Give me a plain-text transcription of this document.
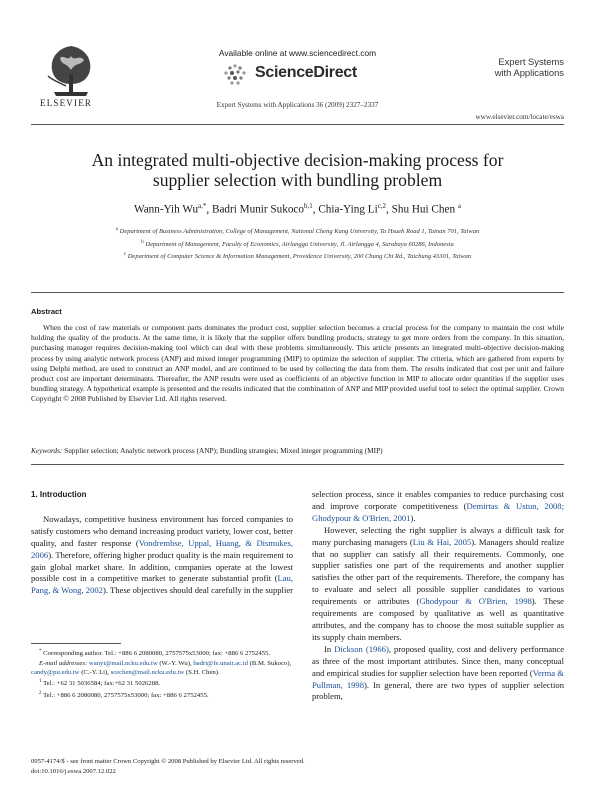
Available online at www.sciencedirect.com
ScienceDirect
ELSEVIER	Expert Systems with Applications 36 (2009) 2327–2337
Expert Systems
with Applications
www.elsevier.com/locate/eswa
An integrated multi-objective decision-making process for
supplier selection with bundling problem
Wann-Yih $Wu^{a,*}$, Badri Munir Sukoco$^{b,1}$, Chia-Ying Li$^{c,2}$, Shu Hui Chen $^a$
$^a$ Department of Business Administration, College of Management, National Cheng Kung University, Ta Hsueh Road 1, Tainan 701, Taiwan
$^b$ Department of Management, Faculty of Economics, Airlangga University, Jl. Airlangga 4, Surabaya 60286, Indonesia
$^c$ Department of Computer Science & Information Management, Providence University, 200 Chung Chi Rd., Taichung 43301, Taiwan
Abstract
When the cost of raw materials or component parts dominates the product cost, supplier selection becomes a crucial process for the company to maintain the cost while holding the quality of the products. At the same time, it is likely that the supplier offers bundling products, strategy to get more orders from the company. In this situation, purchasing manager requires decision-making tool which can deal with these problems simultaneously. This article presents an integrated multi-objective decision-making process by using analytic network process (ANP) and mixed integer programming (MIP) to optimize the selection of supplier. The criteria, which are gathered from experts by using Delphi method, are used to construct an ANP model, and are continued to be used by collecting the data from them. The results indicated that cost per unit and failure product cost are important determinants. Thereafter, the ANP results were used as coefficients of an objective function in MIP to allocate order quantities if the supplier uses bundling strategy. A hypothetical example is presented and the results indicated that the combination of ANP and MIP provided useful tool to select the optimal supplier. Crown Copyright © 2008 Published by Elsevier Ltd. All rights reserved.
Keywords: Supplier selection; Analytic network process (ANP); Bundling strategies; Mixed integer programming (MIP)
1. Introduction
Nowadays, competitive business environment has forced companies to satisfy customers who demand increasing product variety, lower cost, better quality, and faster response (Vondrembse, Uppal, Huang, & Dismukes, 2006). Therefore, offering higher product quality is the main requirement to gain global market share. In addition, companies operate at the lowest possible cost in a competitive market to generate substantial profit (Lau, Pang, & Wong, 2002). These objectives should deal carefully in the supplier
selection process, since it enables companies to reduce purchasing cost and improve corporate competitiveness (Demirtas & Ustun, 2008; Ghodypour & O'Brien, 2001).
However, selecting the right supplier is always a difficult task for many purchasing managers (Liu & Hai, 2005). Managers should realize that no supplier can satisfy all their requirements. Commonly, one supplier satisfies one part of the requirements and another supplier satisfies the other part of the requirements. Therefore, the company has to evaluate and select all possible supplier candidates to various requirements or attributes (Ghodypour & O'Brien, 1998). These requirements are composed by qualitative as well as quantitative attributes, and the company has to choose the most suitable supplier as its supply chain members.
In Dickson (1966), proposed quality, cost and delivery performance as three of the most important attributes. Since then, many conceptual and empirical studies for supplier selection have been reported (Verma & Pullman, 1998). In general, there are two types of supplier selection problem,
* Corresponding author. Tel.: +886 6 2080080, 2757575x53000; fax: +886 6 2752455.
E-mail addresses: wanyi@mail.ncku.edu.tw (W.-Y. Wu), badri@fe.unair.ac.id (B.M. Sukoco), candy@pu.edu.tw (C.-Y. Li), scechen@mail.ncku.edu.tw (S.H. Chen).
$^1$ Tel.: +62 31 5036584; fax:+62 31 5026288.
$^2$ Tel.: +886 6 2080080, 2757575x53000; fax: +886 6 2752455.
0957-4174/$ - see front matter Crown Copyright © 2008 Published by Elsevier Ltd. All rights reserved.
doi:10.1016/j.eswa.2007.12.022
